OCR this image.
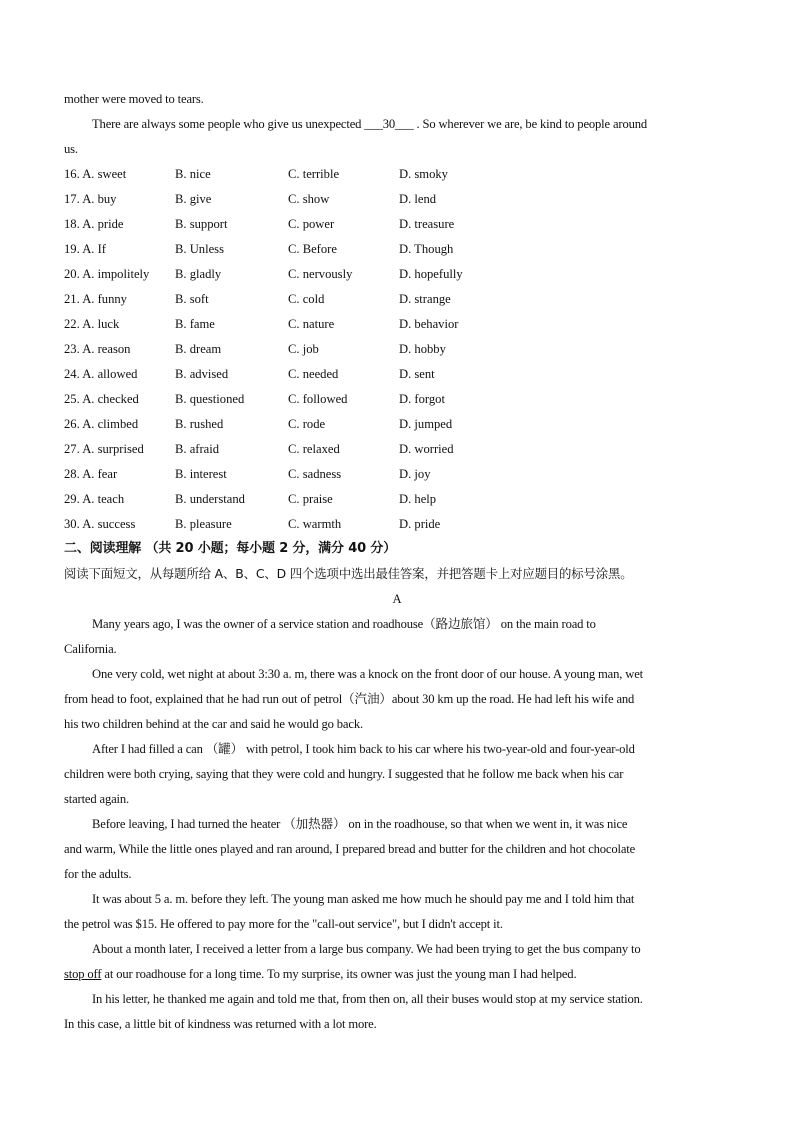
mother were moved to tears.
There are always some people who give us unexpected ___30___ . So wherever we are, be kind to people around
us.
16. A. sweet	B. nice	C. terrible	D. smoky
17. A. buy	B. give	C. show	D. lend
18. A. pride	B. support	C. power	D. treasure
19. A. If	B. Unless	C. Before	D. Though
20. A. impolitely B. gladly	C. nervously	D. hopefully
21. A. funny	B. soft	C. cold	D. strange
22. A. luck	B. fame	C. nature	D. behavior
23. A. reason	B. dream	C. job	D. hobby
24. A. allowed	B. advised	C. needed	D. sent
25. A. checked	B. questioned	C. followed	D. forgot
26. A. climbed	B. rushed	C. rode	D. jumped
27. A. surprised B. afraid	C. relaxed	D. worried
28. A. fear	B. interest	C. sadness	D. joy
29. A. teach	B. understand	C. praise	D. help
30. A. success	B. pleasure	C. warmth	D. pride
二、阅读理解 （共 20 小题；每小题 2 分，满分 40 分）
阅读下面短文，从每题所给 A、B、C、D 四个选项中选出最佳答案，并把答题卡上对应题目的标号涂黑。
A
Many years ago, I was the owner of a service station and roadhouse（路边旅馆） on the main road to
California.
One very cold, wet night at about 3:30 a. m, there was a knock on the front door of our house. A young man, wet
from head to foot, explained that he had run out of petrol（汽油）about 30 km up the road. He had left his wife and
his two children behind at the car and said he would go back.
After I had filled a can （罐） with petrol, I took him back to his car where his two-year-old and four-year-old
children were both crying, saying that they were cold and hungry. I suggested that he follow me back when his car
started again.
Before leaving, I had turned the heater （加热器） on in the roadhouse, so that when we went in, it was nice
and warm, While the little ones played and ran around, I prepared bread and butter for the children and hot chocolate
for the adults.
It was about 5 a. m. before they left. The young man asked me how much he should pay me and I told him that
the petrol was $15. He offered to pay more for the "call-out service", but I didn't accept it.
About a month later, I received a letter from a large bus company. We had been trying to get the bus company to
stop off at our roadhouse for a long time. To my surprise, its owner was just the young man I had helped.
In his letter, he thanked me again and told me that, from then on, all their buses would stop at my service station.
In this case, a little bit of kindness was returned with a lot more.
